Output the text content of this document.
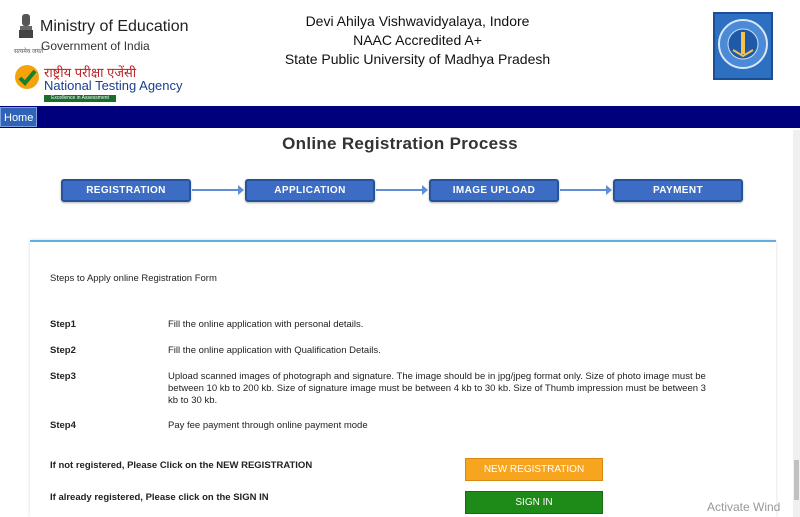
Ministry of Education
Government of India
सत्यमेव जयते
राष्ट्रीय परीक्षा एजेंसी
National Testing Agency
Excellence in Assessment
Devi Ahilya Vishwavidyalaya, Indore
NAAC Accredited A+
State Public University of Madhya Pradesh
Home
Online Registration Process
REGISTRATION	APPLICATION	IMAGE UPLOAD	PAYMENT
Steps to Apply online Registration Form
Step1	Fill the online application with personal details.
Step2	Fill the online application with Qualification Details.
Step3	Upload scanned images of photograph and signature. The image should be in jpg/jpeg format only. Size of photo image must be between 10 kb to 200 kb. Size of signature image must be between 4 kb to 30 kb. Size of Thumb impression must be between 3 kb to 30 kb.
Step4	Pay fee payment through online payment mode
If not registered, Please Click on the NEW REGISTRATION	NEW REGISTRATION
If already registered, Please click on the SIGN IN	SIGN IN	Activate Wind
